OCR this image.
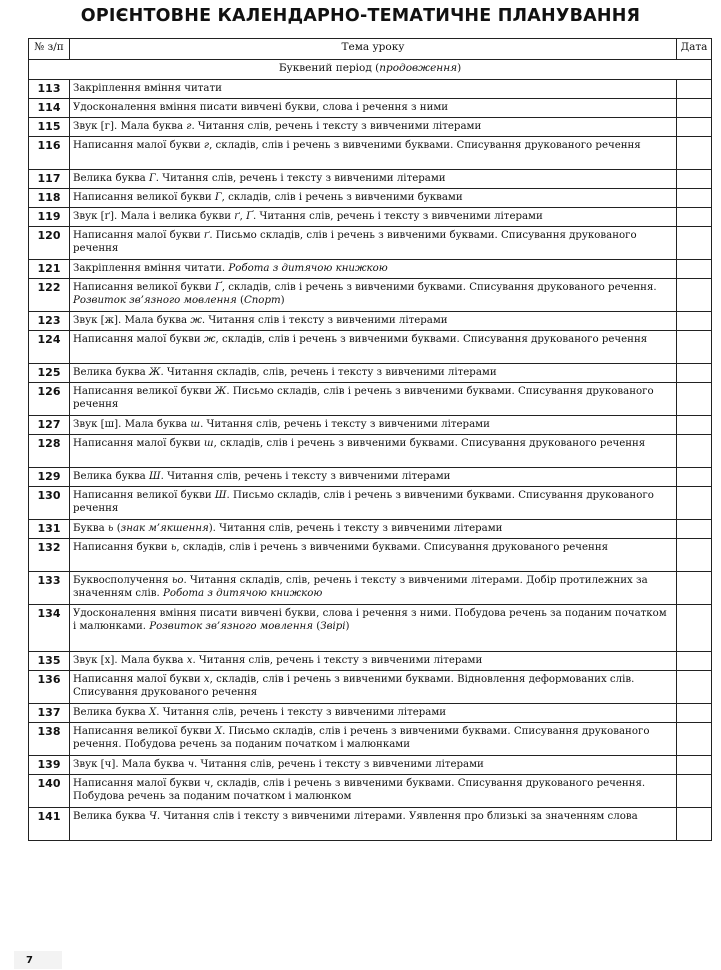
ОРІЄНТОВНЕ КАЛЕНДАРНО-ТЕМАТИЧНЕ ПЛАНУВАННЯ
№ з/п	Тема уроку	Дата
Буквений період (продовження)		
113	Закріплення вміння читати	
114	Удосконалення вміння писати вивчені букви, слова і речення з ними	
115	Звук [г]. Мала буква г. Читання слів, речень і тексту з вивченими літерами	
116	Написання малої букви г, складів, слів і речень з вивченими буквами. Списування друкованого речення	
117	Велика буква Г. Читання слів, речень і тексту з вивченими літерами	
118	Написання великої букви Г, складів, слів і речень з вивченими буквами	
119	Звук [ґ]. Мала і велика букви ґ, Ґ. Читання слів, речень і тексту з вивченими літерами	
120	Написання малої букви ґ. Письмо складів, слів і речень з вивченими буквами. Списування друкованого речення	
121	Закріплення вміння читати. Робота з дитячою книжкою	
122	Написання великої букви Ґ, складів, слів і речень з вивченими буквами. Списування друкованого речення. Розвиток зв’язного мовлення (Спорт)	
123	Звук [ж]. Мала буква ж. Читання слів і тексту з вивченими літерами	
124	Написання малої букви ж, складів, слів і речень з вивченими буквами. Списування друкованого речення	
125	Велика буква Ж. Читання складів, слів, речень і тексту з вивченими літерами	
126	Написання великої букви Ж. Письмо складів, слів і речень з вивченими буквами. Списування друкованого речення	
127	Звук [ш]. Мала буква ш. Читання слів, речень і тексту з вивченими літерами	
128	Написання малої букви ш, складів, слів і речень з вивченими буквами. Списування друкованого речення	
129	Велика буква Ш. Читання слів, речень і тексту з вивченими літерами	
130	Написання великої букви Ш. Письмо складів, слів і речень з вивченими буквами. Списування друкованого речення	
131	Буква ь (знак м’якшення). Читання слів, речень і тексту з вивченими літерами	
132	Написання букви ь, складів, слів і речень з вивченими буквами. Списування друкованого речення	
133	Буквосполучення ьо. Читання складів, слів, речень і тексту з вивченими літерами. Добір протилежних за значенням слів. Робота з дитячою книжкою	
134	Удосконалення вміння писати вивчені букви, слова і речення з ними. Побудова речень за поданим початком і малюнками. Розвиток зв’язного мовлення (Звірі)	
135	Звук [х]. Мала буква х. Читання слів, речень і тексту з вивченими літерами	
136	Написання малої букви х, складів, слів і речень з вивченими буквами. Відновлення деформованих слів. Списування друкованого речення	
137	Велика буква Х. Читання слів, речень і тексту з вивченими літерами	
138	Написання великої букви Х. Письмо складів, слів і речень з вивченими буквами. Списування друкованого речення. Побудова речень за поданим початком і малюнками	
139	Звук [ч]. Мала буква ч. Читання слів, речень і тексту з вивченими літерами	
140	Написання малої букви ч, складів, слів і речень з вивченими буквами. Списування друкованого речення. Побудова речень за поданим початком і малюнком	
141	Велика буква Ч. Читання слів і тексту з вивченими літерами. Уявлення про близькі за значенням слова	
7
